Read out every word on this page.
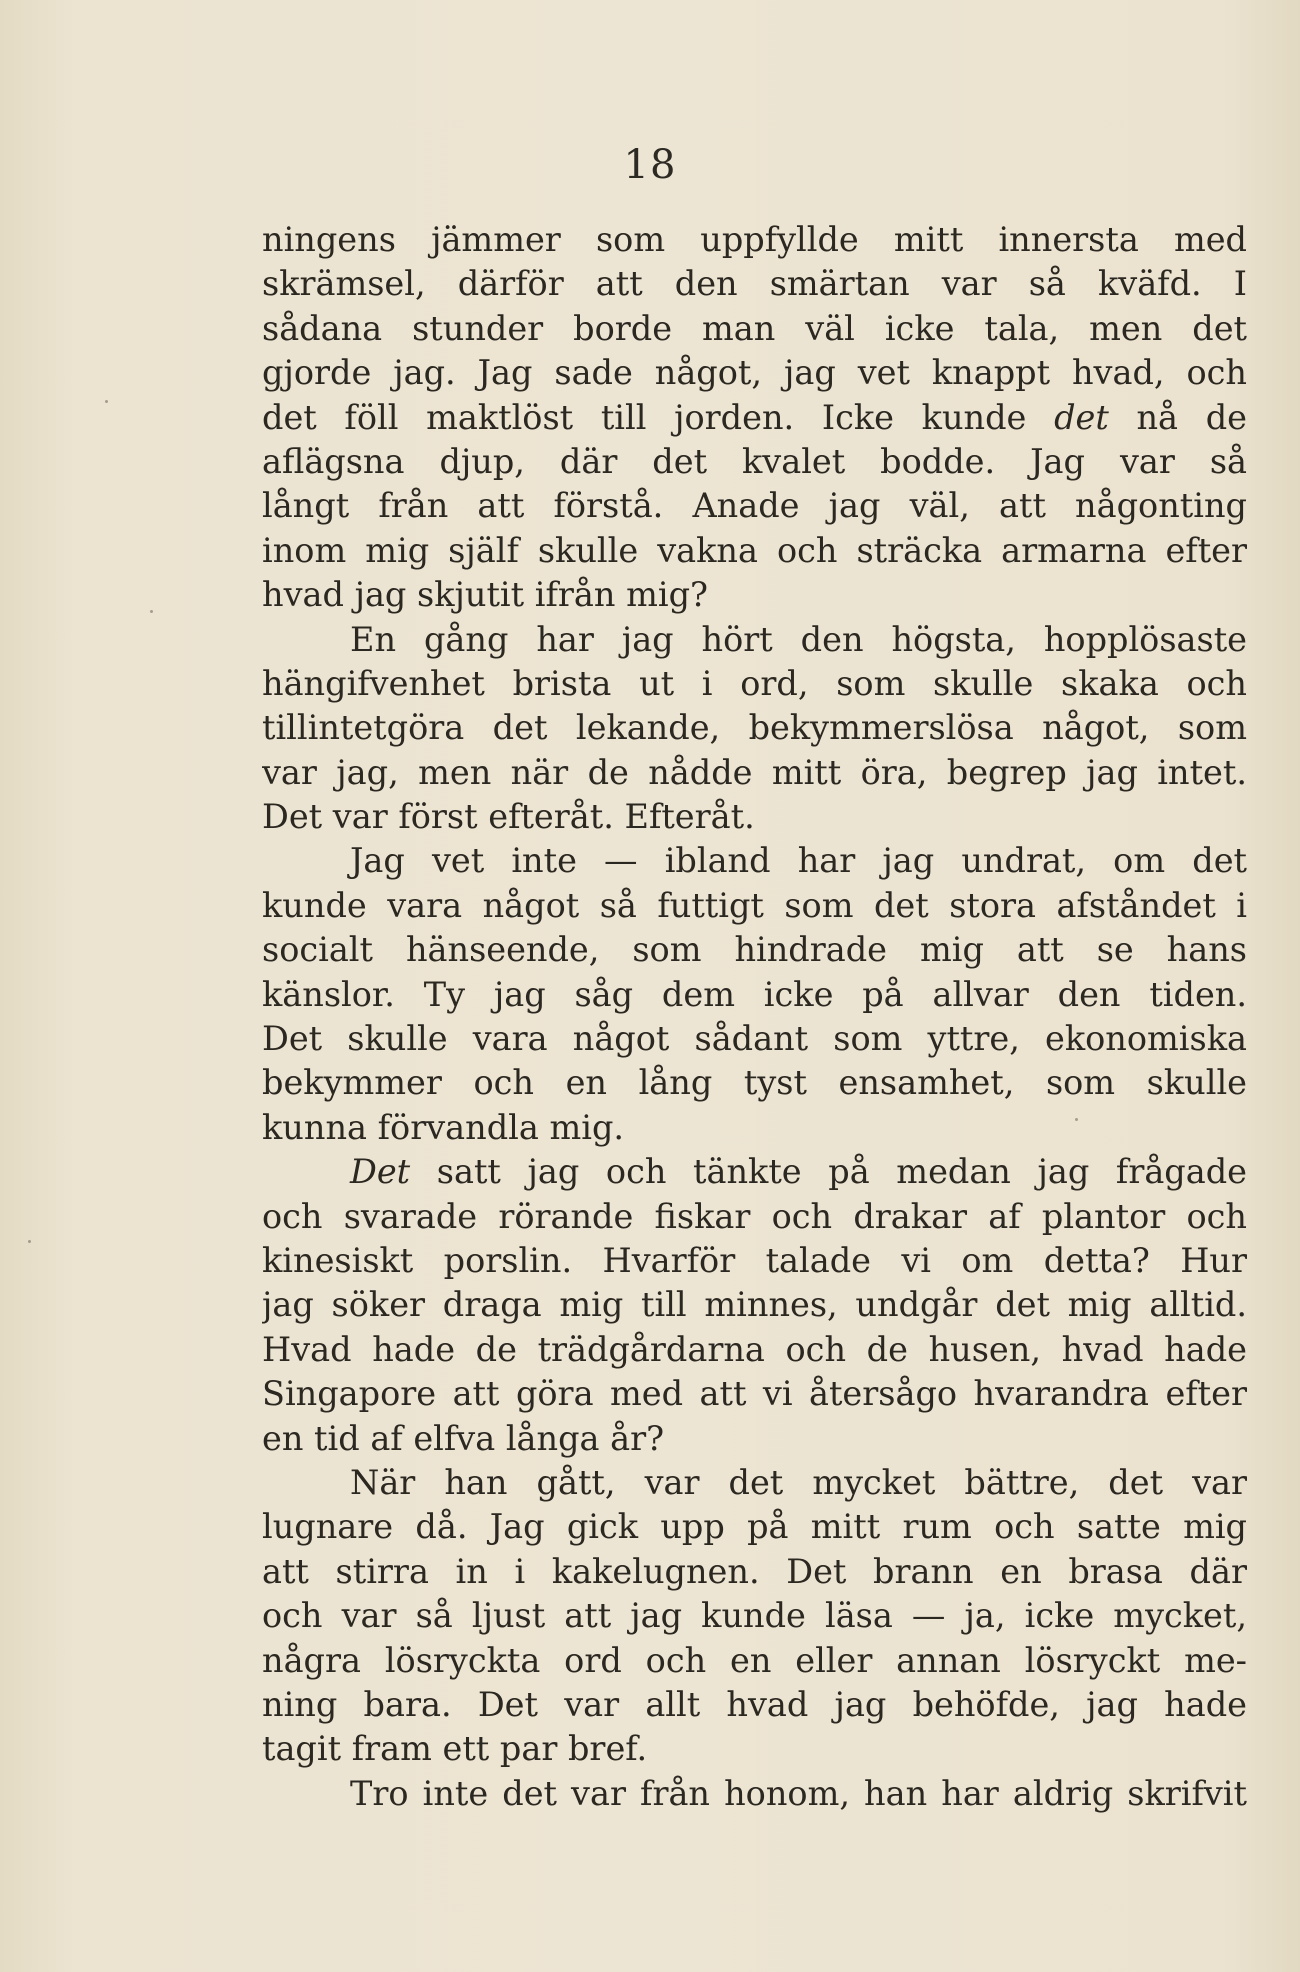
18
ningens jämmer som uppfyllde mitt innersta med
skrämsel, därför att den smärtan var så kväfd. I
sådana stunder borde man väl icke tala, men det
gjorde jag. Jag sade något, jag vet knappt hvad, och
det föll maktlöst till jorden. Icke kunde det nå de
aflägsna djup, där det kvalet bodde. Jag var så
långt från att förstå. Anade jag väl, att någonting
inom mig själf skulle vakna och sträcka armarna efter
hvad jag skjutit ifrån mig?
En gång har jag hört den högsta, hopplösaste
hängifvenhet brista ut i ord, som skulle skaka och
tillintetgöra det lekande, bekymmerslösa något, som
var jag, men när de nådde mitt öra, begrep jag intet.
Det var först efteråt. Efteråt.
Jag vet inte — ibland har jag undrat, om det
kunde vara något så futtigt som det stora afståndet i
socialt hänseende, som hindrade mig att se hans
känslor. Ty jag såg dem icke på allvar den tiden.
Det skulle vara något sådant som yttre, ekonomiska
bekymmer och en lång tyst ensamhet, som skulle
kunna förvandla mig.
Det satt jag och tänkte på medan jag frågade
och svarade rörande fiskar och drakar af plantor och
kinesiskt porslin. Hvarför talade vi om detta? Hur
jag söker draga mig till minnes, undgår det mig alltid.
Hvad hade de trädgårdarna och de husen, hvad hade
Singapore att göra med att vi återsågo hvarandra efter
en tid af elfva långa år?
När han gått, var det mycket bättre, det var
lugnare då. Jag gick upp på mitt rum och satte mig
att stirra in i kakelugnen. Det brann en brasa där
och var så ljust att jag kunde läsa — ja, icke mycket,
några lösryckta ord och en eller annan lösryckt me-
ning bara. Det var allt hvad jag behöfde, jag hade
tagit fram ett par bref.
Tro inte det var från honom, han har aldrig skrifvit
